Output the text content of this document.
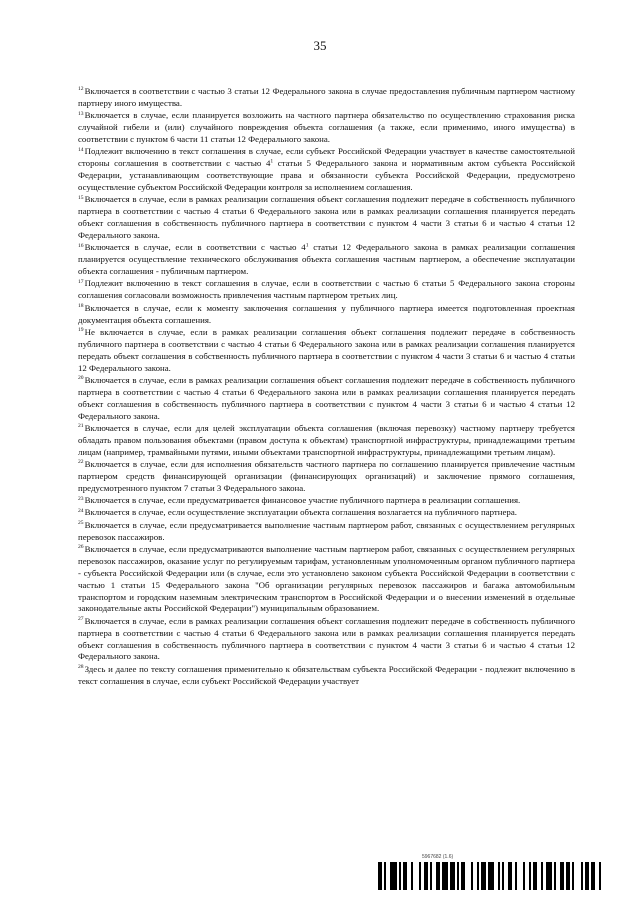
35

$^{12}$Включается в соответствии с частью 3 статьи 12 Федерального закона в случае предоставления публичным партнером частному партнеру иного имущества.

$^{13}$Включается в случае, если планируется возложить на частного партнера обязательство по осуществлению страхования риска случайной гибели и (или) случайного повреждения объекта соглашения (а также, если применимо, иного имущества) в соответствии с пунктом 6 части 11 статьи 12 Федерального закона.

$^{14}$Подлежит включению в текст соглашения в случае, если субъект Российской Федерации участвует в качестве самостоятельной стороны соглашения в соответствии с частью $4^1$ статьи 5 Федерального закона и нормативным актом субъекта Российской Федерации, устанавливающим соответствующие права и обязанности субъекта Российской Федерации, предусмотрено осуществление субъектом Российской Федерации контроля за исполнением соглашения.

$^{15}$Включается в случае, если в рамках реализации соглашения объект соглашения подлежит передаче в собственность публичного партнера в соответствии с частью 4 статьи 6 Федерального закона или в рамках реализации соглашения планируется передать объект соглашения в собственность публичного партнера в соответствии с пунктом 4 части 3 статьи 6 и частью 4 статьи 12 Федерального закона.

$^{16}$Включается в случае, если в соответствии с частью $4^1$ статьи 12 Федерального закона в рамках реализации соглашения планируется осуществление технического обслуживания объекта соглашения частным партнером, а обеспечение эксплуатации объекта соглашения - публичным партнером.

$^{17}$Подлежит включению в текст соглашения в случае, если в соответствии с частью 6 статьи 5 Федерального закона стороны соглашения согласовали возможность привлечения частным партнером третьих лиц.

$^{18}$Включается в случае, если к моменту заключения соглашения у публичного партнера имеется подготовленная проектная документация объекта соглашения.

$^{19}$Не включается в случае, если в рамках реализации соглашения объект соглашения подлежит передаче в собственность публичного партнера в соответствии с частью 4 статьи 6 Федерального закона или в рамках реализации соглашения планируется передать объект соглашения в собственность публичного партнера в соответствии с пунктом 4 части 3 статьи 6 и частью 4 статьи 12 Федерального закона.

$^{20}$Включается в случае, если в рамках реализации соглашения объект соглашения подлежит передаче в собственность публичного партнера в соответствии с частью 4 статьи 6 Федерального закона или в рамках реализации соглашения планируется передать объект соглашения в собственность публичного партнера в соответствии с пунктом 4 части 3 статьи 6 и частью 4 статьи 12 Федерального закона.

$^{21}$Включается в случае, если для целей эксплуатации объекта соглашения (включая перевозку) частному партнеру требуется обладать правом пользования объектами (правом доступа к объектам) транспортной инфраструктуры, принадлежащими третьим лицам (например, трамвайными путями, иными объектами транспортной инфраструктуры, принадлежащими третьим лицам).

$^{22}$Включается в случае, если для исполнения обязательств частного партнера по соглашению планируется привлечение частным партнером средств финансирующей организации (финансирующих организаций) и заключение прямого соглашения, предусмотренного пунктом 7 статьи 3 Федерального закона.

$^{23}$Включается в случае, если предусматривается финансовое участие публичного партнера в реализации соглашения.

$^{24}$Включается в случае, если осуществление эксплуатации объекта соглашения возлагается на публичного партнера.

$^{25}$Включается в случае, если предусматривается выполнение частным партнером работ, связанных с осуществлением регулярных перевозок пассажиров.

$^{26}$Включается в случае, если предусматриваются выполнение частным партнером работ, связанных с осуществлением регулярных перевозок пассажиров, оказание услуг по регулируемым тарифам, установленным уполномоченным органом публичного партнера - субъекта Российской Федерации или (в случае, если это установлено законом субъекта Российской Федерации в соответствии с частью 1 статьи 15 Федерального закона "Об организации регулярных перевозок пассажиров и багажа автомобильным транспортом и городским наземным электрическим транспортом в Российской Федерации и о внесении изменений в отдельные законодательные акты Российской Федерации") муниципальным образованием.

$^{27}$Включается в случае, если в рамках реализации соглашения объект соглашения подлежит передаче в собственность публичного партнера в соответствии с частью 4 статьи 6 Федерального закона или в рамках реализации соглашения планируется передать объект соглашения в собственность публичного партнера в соответствии с пунктом 4 части 3 статьи 6 и частью 4 статьи 12 Федерального закона.

$^{28}$Здесь и далее по тексту соглашения применительно к обязательствам субъекта Российской Федерации - подлежит включению в текст соглашения в случае, если субъект Российской Федерации участвует

5967682 (1.6)
